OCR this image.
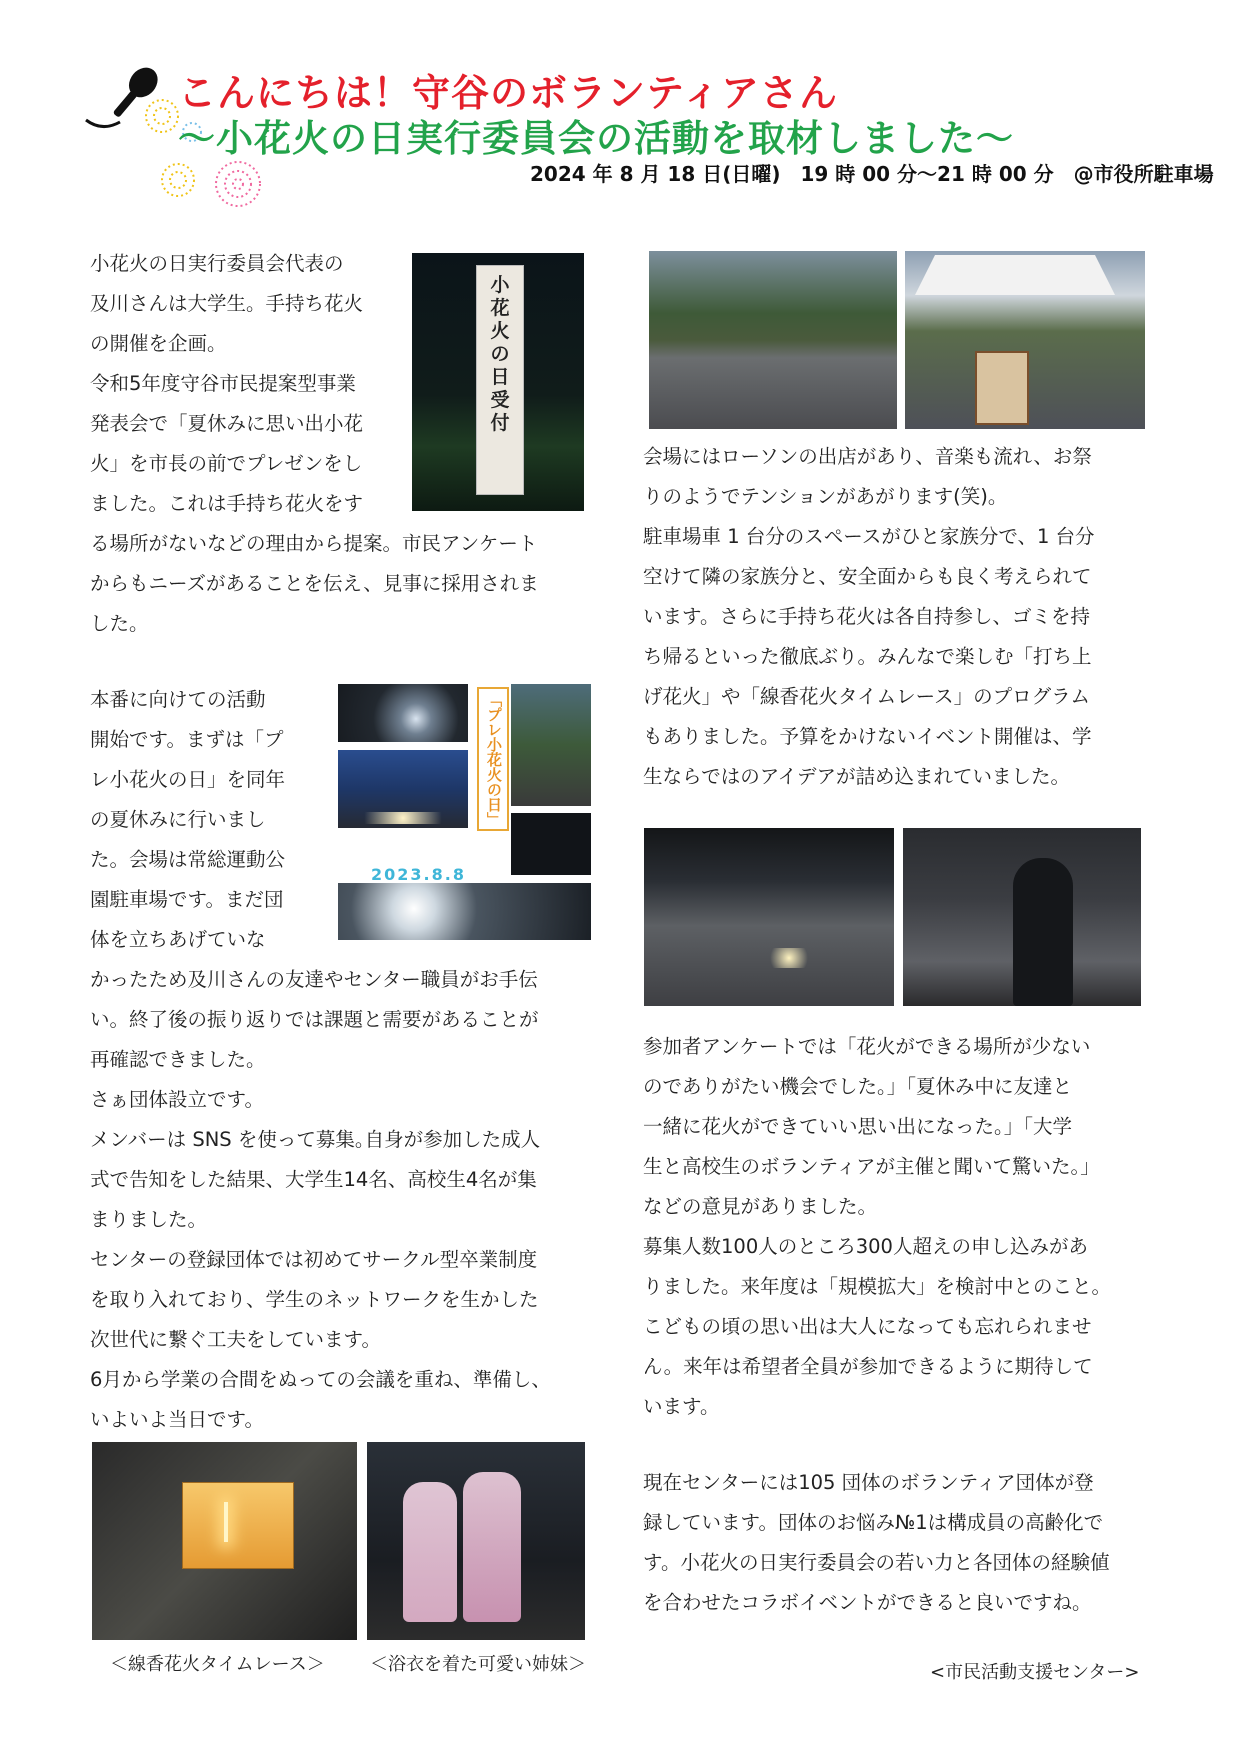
こんにちは！守谷のボランティアさん
～小花火の日実行委員会の活動を取材しました～
2024 年 8 月 18 日(日曜)　19 時 00 分～21 時 00 分　@市役所駐車場
小花火の日実行委員会代表の
及川さんは大学生。手持ち花火
の開催を企画。
令和5年度守谷市民提案型事業
発表会で「夏休みに思い出小花
火」を市長の前でプレゼンをし
ました。これは手持ち花火をす
る場所がないなどの理由から提案。市民アンケート
からもニーズがあることを伝え、見事に採用されま
した。
小
花
火
の
日
受
付
本番に向けての活動
開始です。まずは「プ
レ小花火の日」を同年
の夏休みに行いまし
た。会場は常総運動公
園駐車場です。まだ団
体を立ちあげていな
かったため及川さんの友達やセンター職員がお手伝
い。終了後の振り返りでは課題と需要があることが
再確認できました。
さぁ団体設立です。
メンバーは SNS を使って募集｡自身が参加した成人
式で告知をした結果、大学生14名、高校生4名が集
まりました。
センターの登録団体では初めてサークル型卒業制度
を取り入れており、学生のネットワークを生かした
次世代に繋ぐ工夫をしています。
6月から学業の合間をぬっての会議を重ね、準備し、
いよいよ当日です。
「プレ小花火の日」
2023.8.8
＜線香花火タイムレース＞	＜浴衣を着た可愛い姉妹＞
会場にはローソンの出店があり、音楽も流れ、お祭
りのようでテンションがあがります(笑)。
駐車場車 1 台分のスペースがひと家族分で、1 台分
空けて隣の家族分と、安全面からも良く考えられて
います。さらに手持ち花火は各自持参し、ゴミを持
ち帰るといった徹底ぶり。みんなで楽しむ「打ち上
げ花火」や「線香花火タイムレース」のプログラム
もありました。予算をかけないイベント開催は、学
生ならではのアイデアが詰め込まれていました。
参加者アンケートでは「花火ができる場所が少ない
のでありがたい機会でした。」「夏休み中に友達と
一緒に花火ができていい思い出になった。」「大学
生と高校生のボランティアが主催と聞いて驚いた。」
などの意見がありました。
募集人数100人のところ300人超えの申し込みがあ
りました。来年度は「規模拡大」を検討中とのこと。
こどもの頃の思い出は大人になっても忘れられませ
ん。来年は希望者全員が参加できるように期待して
います。
現在センターには105 団体のボランティア団体が登
録しています。団体のお悩み№1は構成員の高齢化で
す。小花火の日実行委員会の若い力と各団体の経験値
を合わせたコラボイベントができると良いですね。
<市民活動支援センター>
